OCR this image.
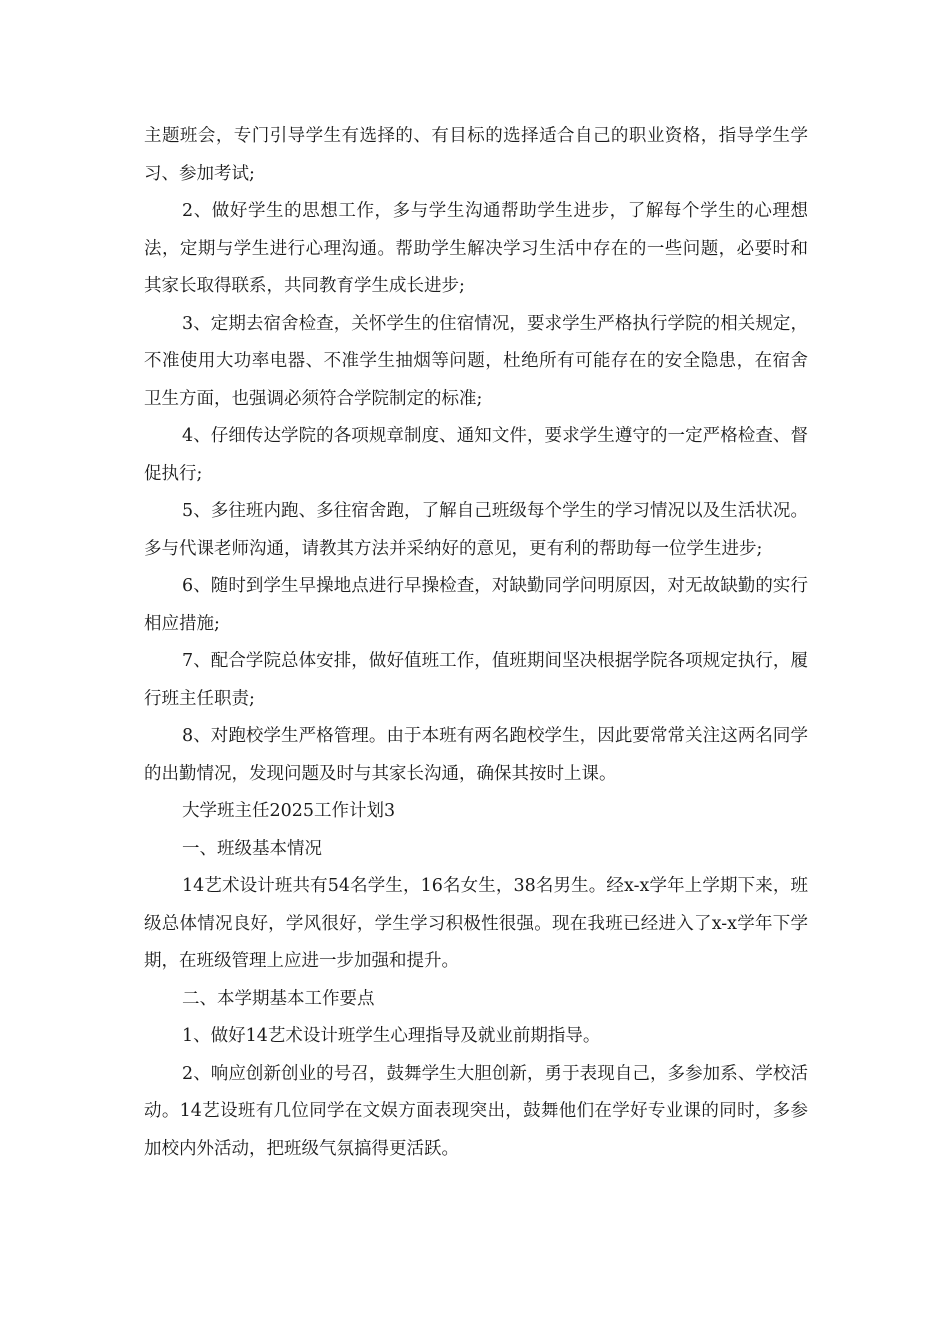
主题班会，专门引导学生有选择的、有目标的选择适合自己的职业资格，指导学生学习、参加考试;

2、做好学生的思想工作，多与学生沟通帮助学生进步，了解每个学生的心理想法，定期与学生进行心理沟通。帮助学生解决学习生活中存在的一些问题，必要时和其家长取得联系，共同教育学生成长进步;

3、定期去宿舍检查，关怀学生的住宿情况，要求学生严格执行学院的相关规定，不准使用大功率电器、不准学生抽烟等问题，杜绝所有可能存在的安全隐患，在宿舍卫生方面，也强调必须符合学院制定的标准;

4、仔细传达学院的各项规章制度、通知文件，要求学生遵守的一定严格检查、督促执行;

5、多往班内跑、多往宿舍跑，了解自己班级每个学生的学习情况以及生活状况。多与代课老师沟通，请教其方法并采纳好的意见，更有利的帮助每一位学生进步;

6、随时到学生早操地点进行早操检查，对缺勤同学问明原因，对无故缺勤的实行相应措施;

7、配合学院总体安排，做好值班工作，值班期间坚决根据学院各项规定执行，履行班主任职责;

8、对跑校学生严格管理。由于本班有两名跑校学生，因此要常常关注这两名同学的出勤情况，发现问题及时与其家长沟通，确保其按时上课。

大学班主任2025工作计划3

一、班级基本情况

14艺术设计班共有54名学生，16名女生，38名男生。经x-x学年上学期下来，班级总体情况良好，学风很好，学生学习积极性很强。现在我班已经进入了x-x学年下学期，在班级管理上应进一步加强和提升。

二、本学期基本工作要点

1、做好14艺术设计班学生心理指导及就业前期指导。

2、响应创新创业的号召，鼓舞学生大胆创新，勇于表现自己，多参加系、学校活动。14艺设班有几位同学在文娱方面表现突出，鼓舞他们在学好专业课的同时，多参加校内外活动，把班级气氛搞得更活跃。
